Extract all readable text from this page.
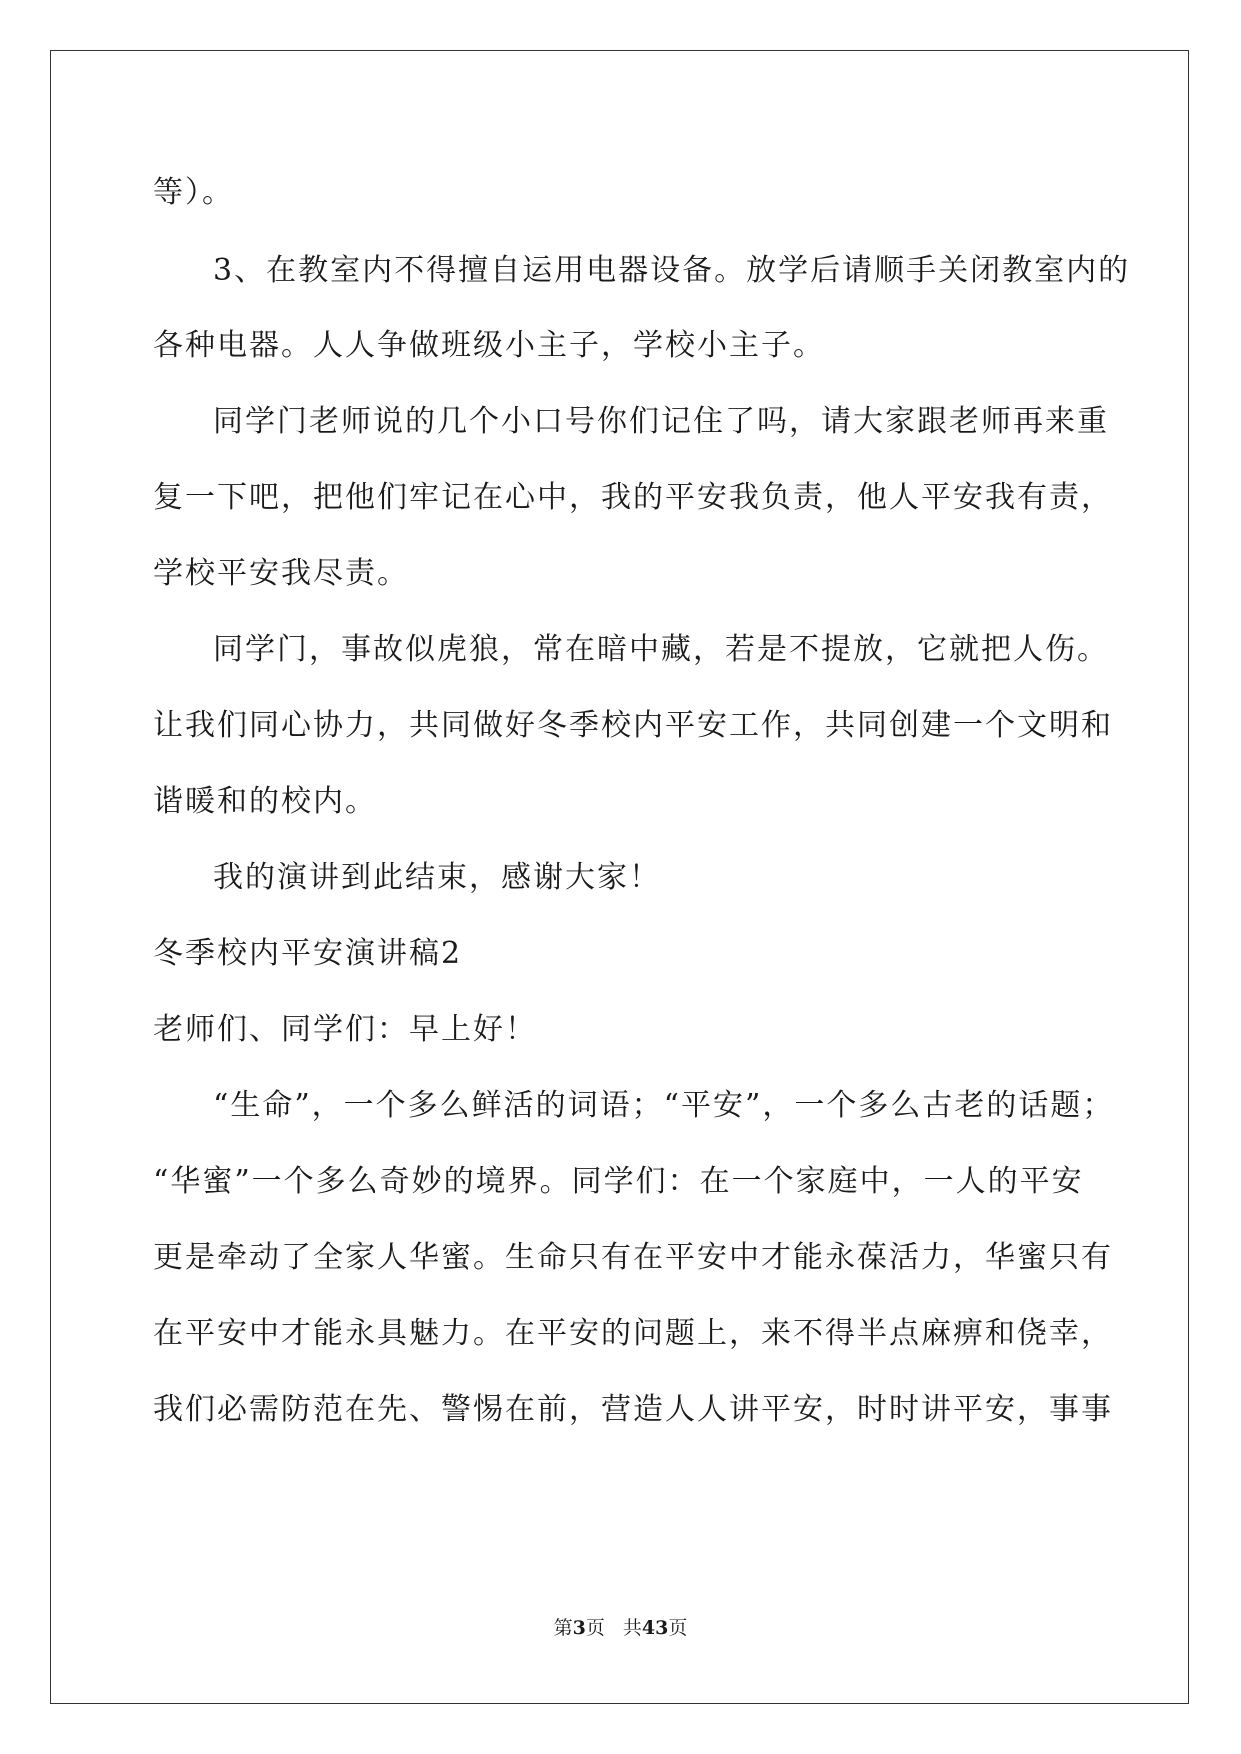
等）。
3、在教室内不得擅自运用电器设备。放学后请顺手关闭教室内的
各种电器。人人争做班级小主子，学校小主子。
同学门老师说的几个小口号你们记住了吗，请大家跟老师再来重
复一下吧，把他们牢记在心中，我的平安我负责，他人平安我有责，
学校平安我尽责。
同学门，事故似虎狼，常在暗中藏，若是不提放，它就把人伤。
让我们同心协力，共同做好冬季校内平安工作，共同创建一个文明和
谐暖和的校内。
我的演讲到此结束，感谢大家！
冬季校内平安演讲稿2
老师们、同学们：早上好！
“生命”，一个多么鲜活的词语；“平安”，一个多么古老的话题；
“华蜜”一个多么奇妙的境界。同学们：在一个家庭中，一人的平安
更是牵动了全家人华蜜。生命只有在平安中才能永葆活力，华蜜只有
在平安中才能永具魅力。在平安的问题上，来不得半点麻痹和侥幸，
我们必需防范在先、警惕在前，营造人人讲平安，时时讲平安，事事
第3页 共43页
